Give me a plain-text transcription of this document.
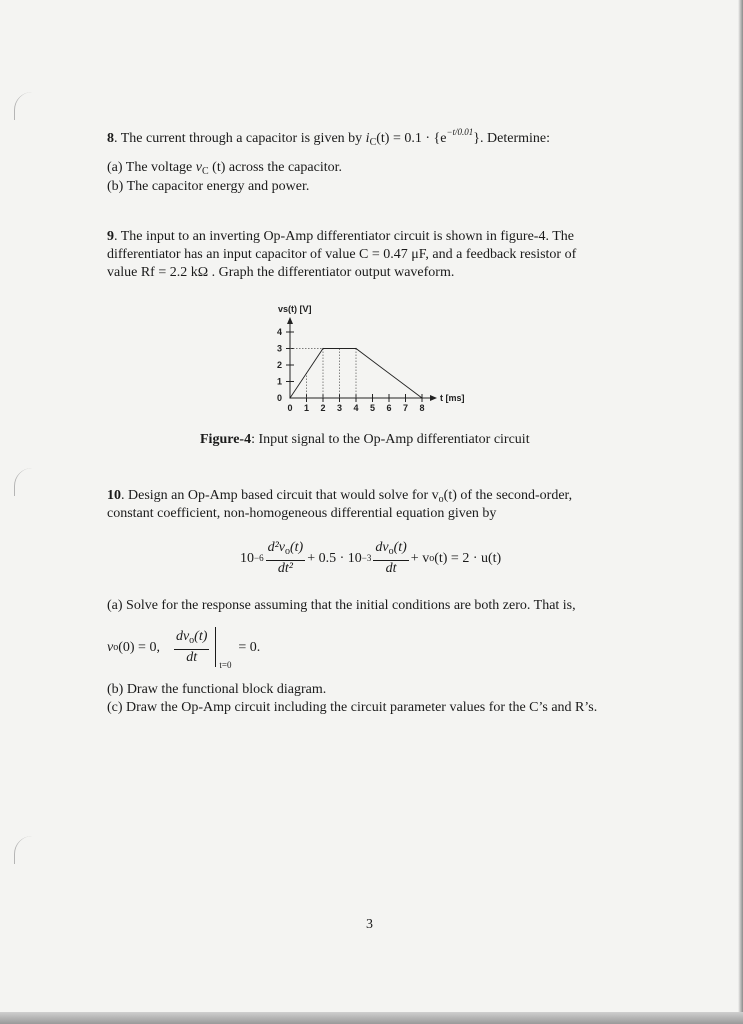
8. The current through a capacitor is given by $i_C(t) = 0.1 \cdot \{e^{-t/0.01}\}$. Determine:
(a) The voltage $v_C$ (t) across the capacitor.
(b) The capacitor energy and power.
9. The input to an inverting Op-Amp differentiator circuit is shown in figure-4. The
differentiator has an input capacitor of value C = 0.47 μF, and a feedback resistor of
value Rf = 2.2 kΩ . Graph the differentiator output waveform.
0
1
2
3
4
0 1 2 3 4 5 6 7 8
vs(t) [V]
t [ms]
Figure-4: Input signal to the Op-Amp differentiator circuit
10. Design an Op-Amp based circuit that would solve for $v_o(t)$ of the second-order,
constant coefficient, non-homogeneous differential equation given by
$10 -6 \frac{d^2v_o(t)}{\text{dt²}} + 0.5 \cdot 10 -3 \frac{dv_o(t)}{dt} + v$ o (t) = 2 · u(t)
(a) Solve for the response assuming that the initial conditions are both zero. That is,
v o (0) = 0, $\frac{dv_o(t)}{dt} t=0$
= 0.
(b) Draw the functional block diagram.
(c) Draw the Op-Amp circuit including the circuit parameter values for the C’s and R’s.
3
